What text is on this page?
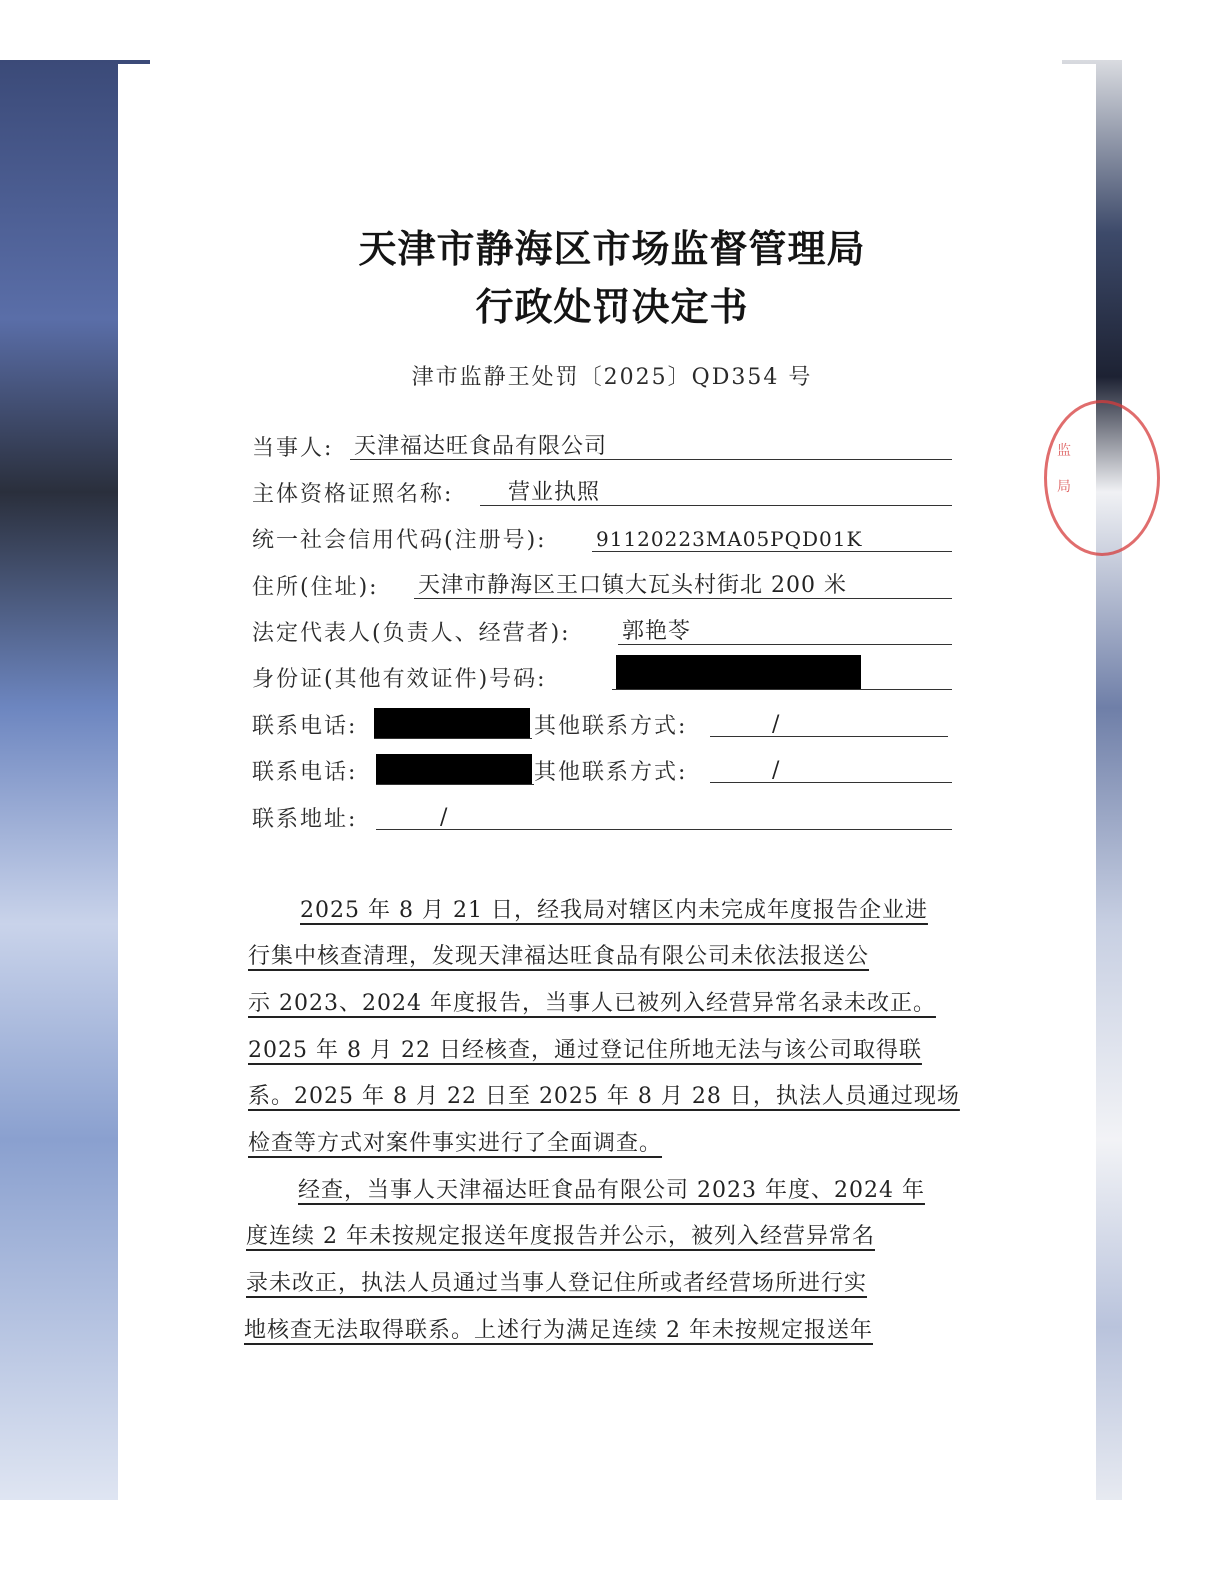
监
局
天津市静海区市场监督管理局
行政处罚决定书
津市监静王处罚〔2025〕QD354 号
当事人: 天津福达旺食品有限公司
主体资格证照名称: 营业执照
统一社会信用代码(注册号): 91120223MA05PQD01K
住所(住址): 天津市静海区王口镇大瓦头村街北 200 米
法定代表人(负责人、经营者): 郭艳苓
身份证(其他有效证件)号码:
联系电话:	其他联系方式:	/
联系电话:	其他联系方式:	/
联系地址:	/
2025 年 8 月 21 日，经我局对辖区内未完成年度报告企业进
行集中核查清理，发现天津福达旺食品有限公司未依法报送公
示 2023、2024 年度报告，当事人已被列入经营异常名录未改正。
2025 年 8 月 22 日经核查，通过登记住所地无法与该公司取得联
系。2025 年 8 月 22 日至 2025 年 8 月 28 日，执法人员通过现场
检查等方式对案件事实进行了全面调查。
经查，当事人天津福达旺食品有限公司 2023 年度、2024 年
度连续 2 年未按规定报送年度报告并公示，被列入经营异常名
录未改正，执法人员通过当事人登记住所或者经营场所进行实
地核查无法取得联系。上述行为满足连续 2 年未按规定报送年
